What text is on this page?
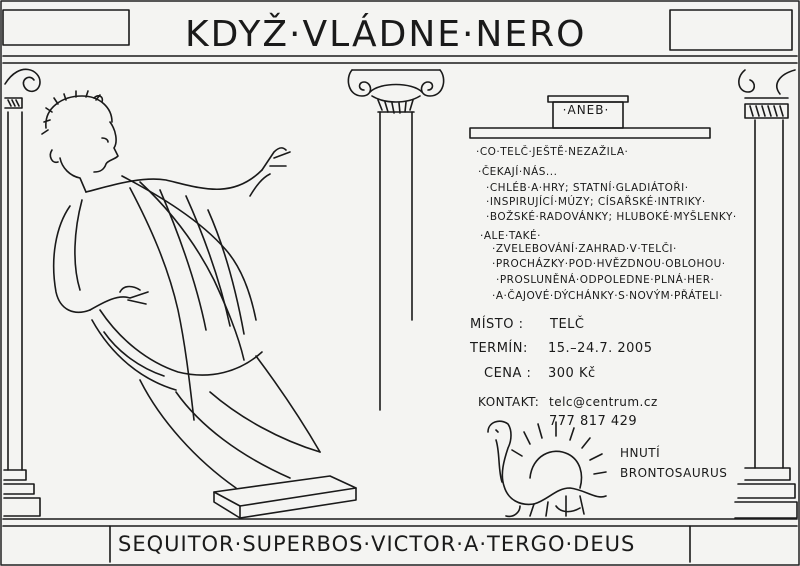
KDYŽ·VLÁDNE·NERO
·ANEB·
·CO·TELČ·JEŠTĚ·NEZAŽILA·
·ČEKAJÍ·NÁS...
·CHLÉB·A·HRY; STATNÍ·GLADIÁTOŘI·
·INSPIRUJÍCÍ·MÚZY; CÍSAŘSKÉ·INTRIKY·
·BOŽSKÉ·RADOVÁNKY; HLUBOKÉ·MYŠLENKY·
·ALE·TAKÉ·
·ZVELEBOVÁNÍ·ZAHRAD·V·TELČI·
·PROCHÁZKY·POD·HVĚZDNOU·OBLOHOU·
·PROSLUNĚNÁ·ODPOLEDNE·PLNÁ·HER·
·A·ČAJOVÉ·DÝCHÁNKY·S·NOVÝM·PŘÁTELI·
MÍSTO : TELČ
TERMÍN: 15.–24.7. 2005
CENA : 300 Kč
KONTAKT: telc@centrum.cz
777 817 429
HNUTÍ
BRONTOSAURUS
SEQUITOR·SUPERBOS·VICTOR·A·TERGO·DEUS
